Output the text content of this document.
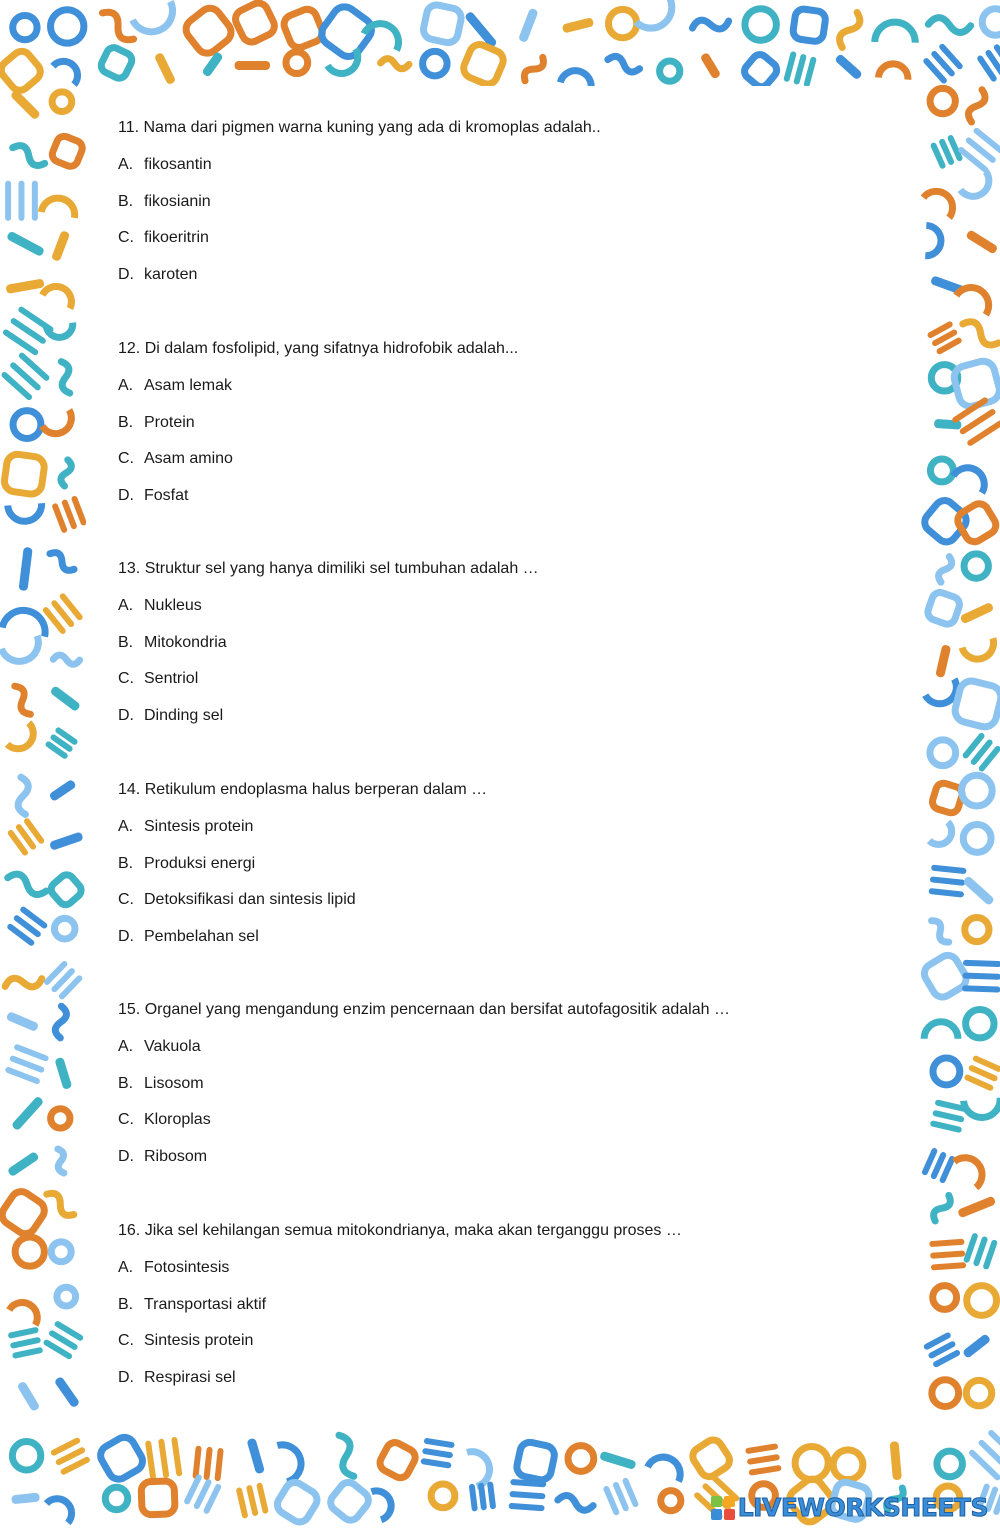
11. Nama dari pigmen warna kuning yang ada di kromoplas adalah..
A. fikosantin
B. fikosianin
C. fikoeritrin
D. karoten
12. Di dalam fosfolipid, yang sifatnya hidrofobik adalah...
A. Asam lemak
B. Protein
C. Asam amino
D. Fosfat
13. Struktur sel yang hanya dimiliki sel tumbuhan adalah …
A. Nukleus
B. Mitokondria
C. Sentriol
D. Dinding sel
14. Retikulum endoplasma halus berperan dalam …
A. Sintesis protein
B. Produksi energi
C. Detoksifikasi dan sintesis lipid
D. Pembelahan sel
15. Organel yang mengandung enzim pencernaan dan bersifat autofagositik adalah …
A. Vakuola
B. Lisosom
C. Kloroplas
D. Ribosom
16. Jika sel kehilangan semua mitokondrianya, maka akan terganggu proses …
A. Fotosintesis
B. Transportasi aktif
C. Sintesis protein
D. Respirasi sel
LIVEWORKSHEETS
